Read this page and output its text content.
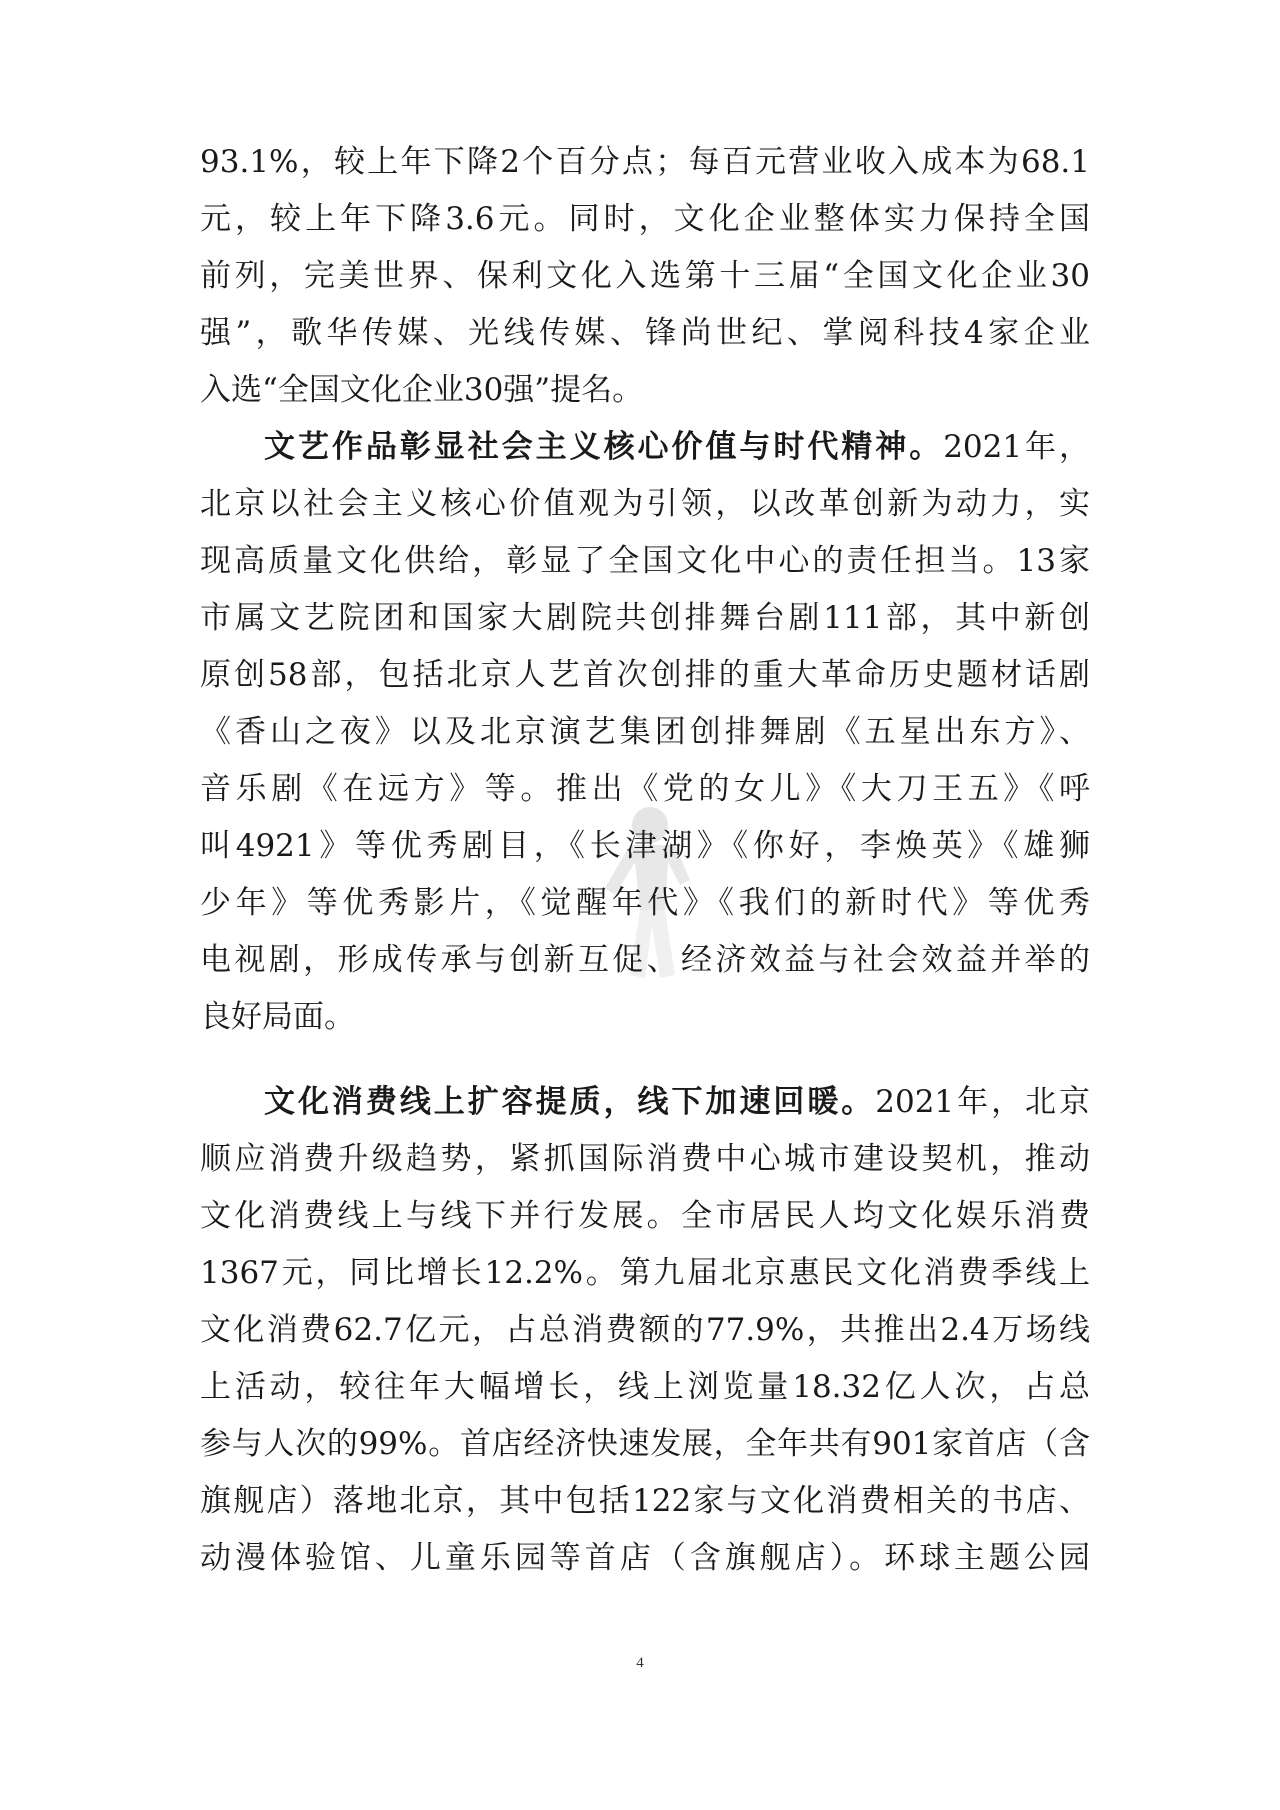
93.1%，较上年下降2个百分点；每百元营业收入成本为68.1
元，较上年下降3.6元。同时，文化企业整体实力保持全国
前列，完美世界、保利文化入选第十三届“全国文化企业30
强”，歌华传媒、光线传媒、锋尚世纪、掌阅科技4家企业
入选“全国文化企业30强”提名。
文艺作品彰显社会主义核心价值与时代精神。2021年，
北京以社会主义核心价值观为引领，以改革创新为动力，实
现高质量文化供给，彰显了全国文化中心的责任担当。13家
市属文艺院团和国家大剧院共创排舞台剧111部，其中新创
原创58部，包括北京人艺首次创排的重大革命历史题材话剧
《香山之夜》以及北京演艺集团创排舞剧《五星出东方》、
音乐剧《在远方》等。推出《党的女儿》《大刀王五》《呼
叫4921》等优秀剧目，《长津湖》《你好，李焕英》《雄狮
少年》等优秀影片，《觉醒年代》《我们的新时代》等优秀
电视剧，形成传承与创新互促、经济效益与社会效益并举的
良好局面。
文化消费线上扩容提质，线下加速回暖。2021年，北京
顺应消费升级趋势，紧抓国际消费中心城市建设契机，推动
文化消费线上与线下并行发展。全市居民人均文化娱乐消费
1367元，同比增长12.2%。第九届北京惠民文化消费季线上
文化消费62.7亿元，占总消费额的77.9%，共推出2.4万场线
上活动，较往年大幅增长，线上浏览量18.32亿人次，占总
参与人次的99%。首店经济快速发展，全年共有901家首店（含
旗舰店）落地北京，其中包括122家与文化消费相关的书店、
动漫体验馆、儿童乐园等首店（含旗舰店）。环球主题公园
4
